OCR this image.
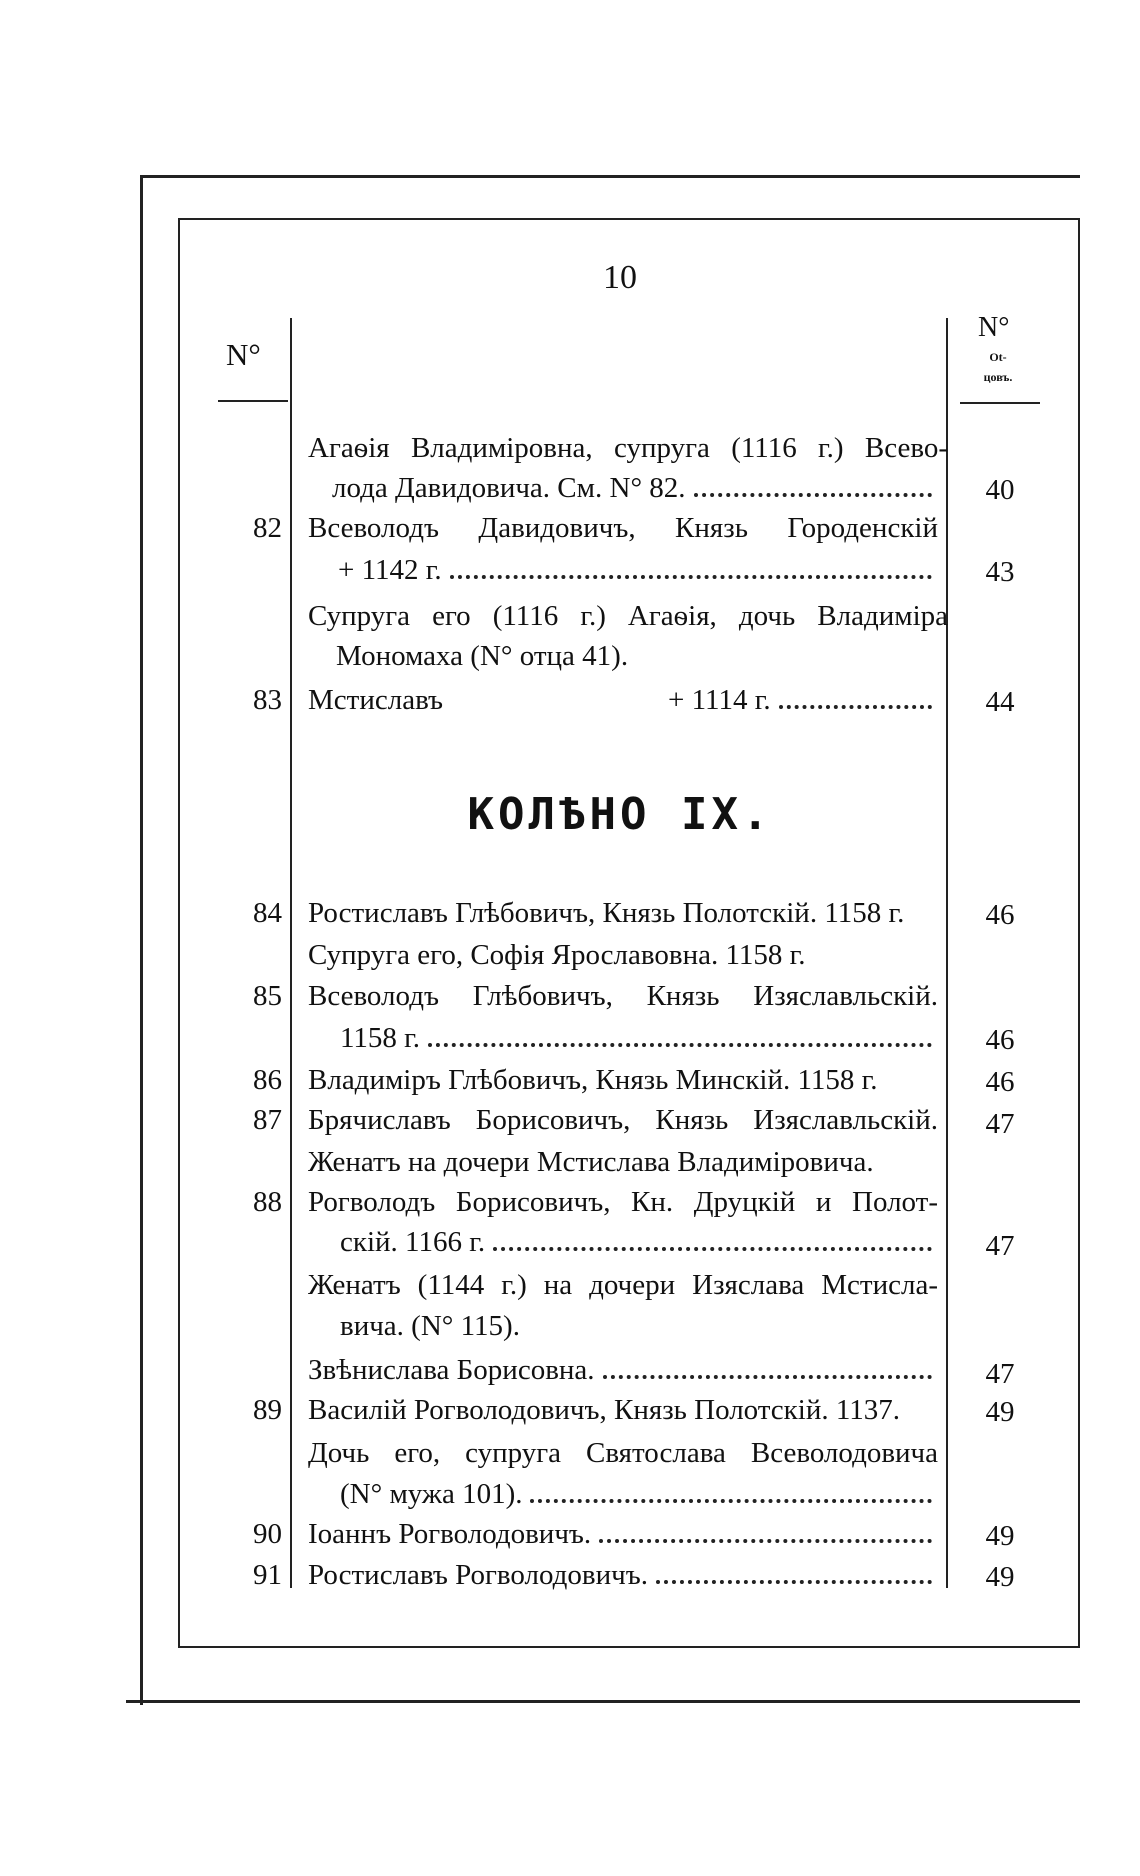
10
N°
N°
Ot-
цовъ.
Агаѳія Владиміровна, супруга (1116 г.) Всево-
лода Давидовича. См. N° 82.	40
82 Всеволодъ Давидовичъ, Князь Городенскій
+ 1142 г.	43
Супруга его (1116 г.) Агаѳія, дочь Владиміра
Мономаха (N° отца 41).
83 Мстиславъ	+ 1114 г.	44
КОЛѢНО IX.
84 Ростиславъ Глѣбовичъ, Князь Полотскій. 1158 г.	46
Супруга его, Софія Ярославовна. 1158 г.
85 Всеволодъ Глѣбовичъ, Князь Изяславльскій.
1158 г.	46
86 Владиміръ Глѣбовичъ, Князь Минскій. 1158 г.	46
87 Брячиславъ Борисовичъ, Князь Изяславльскій.	47
Женатъ на дочери Мстислава Владиміровича.
88 Рогволодъ Борисовичъ, Кн. Друцкій и Полот-
скій. 1166 г.	47
Женатъ (1144 г.) на дочери Изяслава Мстисла-
вича. (N° 115).
Звѣнислава Борисовна.	47
89 Василій Рогволодовичъ, Князь Полотскій. 1137.	49
Дочь его, супруга Святослава Всеволодовича
(N° мужа 101).
90 Іоаннъ Рогволодовичъ.	49
91 Ростиславъ Рогволодовичъ.	49
